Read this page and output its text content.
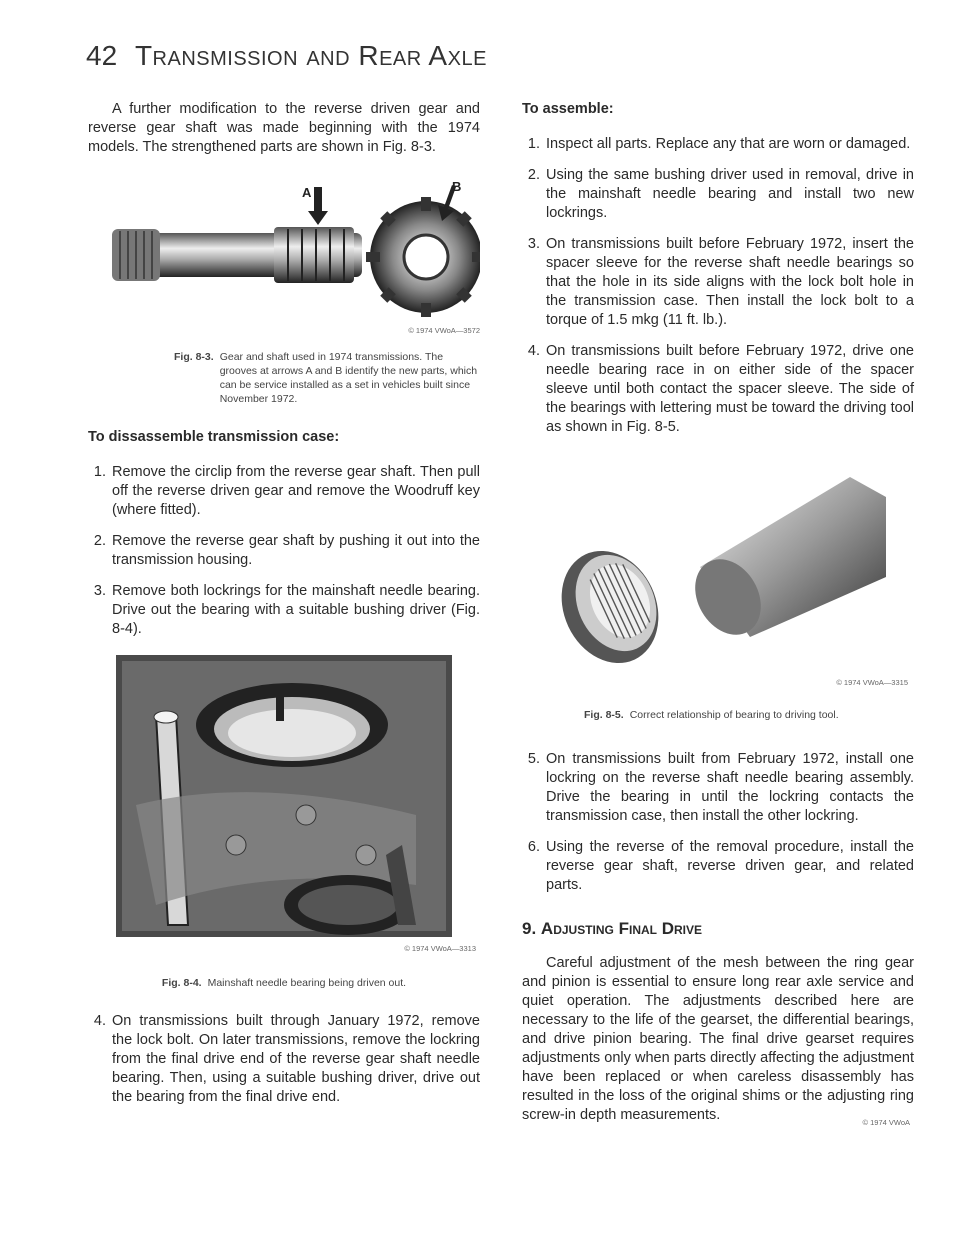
42 Transmission and Rear Axle

A further modification to the reverse driven gear and reverse gear shaft was made beginning with the 1974 models. The strengthened parts are shown in Fig. 8-3.

A	B
© 1974 VWoA—3572
Fig. 8-3. Gear and shaft used in 1974 transmissions. The grooves at arrows A and B identify the new parts, which can be service installed as a set in vehicles built since November 1972.
To dissassemble transmission case:
1. Remove the circlip from the reverse gear shaft. Then pull off the reverse driven gear and remove the Woodruff key (where fitted).
2. Remove the reverse gear shaft by pushing it out into the transmission housing.
3. Remove both lockrings for the mainshaft needle bearing. Drive out the bearing with a suitable bushing driver (Fig. 8-4).
© 1974 VWoA—3313
Fig. 8-4. Mainshaft needle bearing being driven out.
4. On transmissions built through January 1972, remove the lock bolt. On later transmissions, remove the lockring from the final drive end of the reverse gear shaft needle bearing. Then, using a suitable bushing driver, drive out the bearing from the final drive end.
To assemble:
1. Inspect all parts. Replace any that are worn or damaged.
2. Using the same bushing driver used in removal, drive in the mainshaft needle bearing and install two new lockrings.
3. On transmissions built before February 1972, insert the spacer sleeve for the reverse shaft needle bearings so that the hole in its side aligns with the lock bolt hole in the transmission case. Then install the lock bolt to a torque of 1.5 mkg (11 ft. lb.).
4. On transmissions built before February 1972, drive one needle bearing race in on either side of the spacer sleeve until both contact the spacer sleeve. The side of the bearings with lettering must be toward the driving tool as shown in Fig. 8-5.
© 1974 VWoA—3315
Fig. 8-5. Correct relationship of bearing to driving tool.
5. On transmissions built from February 1972, install one lockring on the reverse shaft needle bearing assembly. Drive the bearing in until the lockring contacts the transmission case, then install the other lockring.
6. Using the reverse of the removal procedure, install the reverse gear shaft, reverse driven gear, and related parts.
9. Adjusting Final Drive

Careful adjustment of the mesh between the ring gear and pinion is essential to ensure long rear axle service and quiet operation. The adjustments described here are necessary to the life of the gearset, the differential bearings, and drive pinion bearing. The final drive gearset requires adjustments only when parts directly affecting the adjustment have been replaced or when careless disassembly has resulted in the loss of the original shims or the adjusting ring screw-in depth measurements.	© 1974 VWoA
